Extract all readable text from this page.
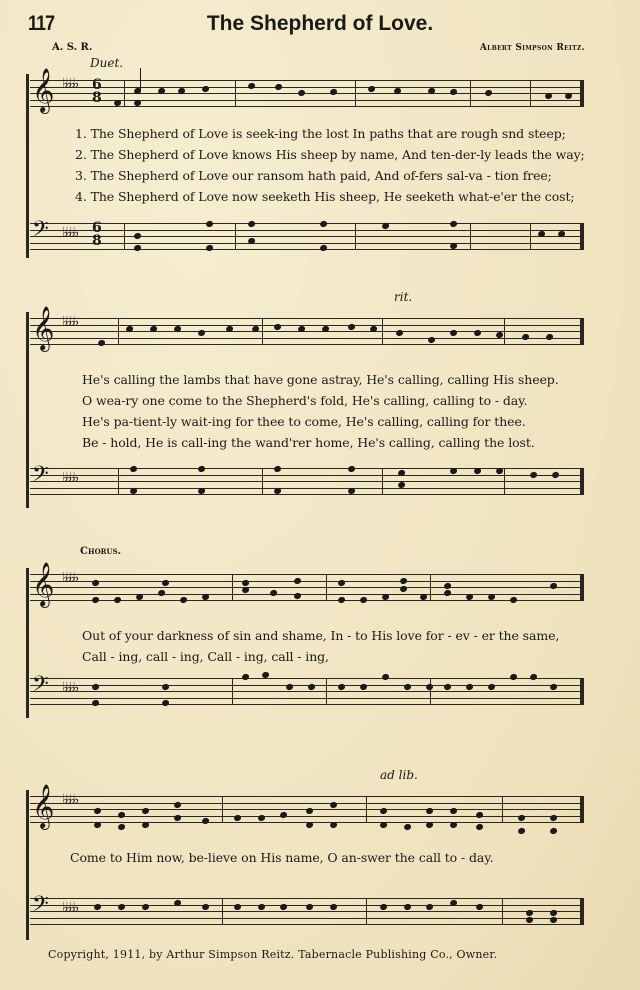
117	The Shepherd of Love.
A. S. R.	Albert Simpson Reitz.
Duet.
𝄞 ♭♭♭♭ 6
8
1. The Shepherd of Love is seek-ing the lost In paths that are rough snd steep;
2. The Shepherd of Love knows His sheep by name, And ten-der-ly leads the way;
3. The Shepherd of Love our ransom hath paid, And of-fers sal-va - tion free;
4. The Shepherd of Love now seeketh His sheep, He seeketh what-e'er the cost;
𝄢 ♭♭♭♭ 6
8
rit.
𝄞 ♭♭♭♭
He's calling the lambs that have gone astray, He's calling, calling His sheep.
O wea-ry one come to the Shepherd's fold, He's calling, calling to - day.
He's pa-tient-ly wait-ing for thee to come, He's calling, calling for thee.
Be - hold, He is call-ing the wand'rer home, He's calling, calling the lost.
𝄢 ♭♭♭♭
Chorus.
𝄞 ♭♭♭♭
Out of your darkness of sin and shame, In - to His love for - ev - er the same,
Call - ing, call - ing, Call - ing, call - ing,
𝄢 ♭♭♭♭
ad lib.
𝄞 ♭♭♭♭
Come to Him now, be-lieve on His name, O an-swer the call to - day.
𝄢 ♭♭♭♭
Copyright, 1911, by Arthur Simpson Reitz. Tabernacle Publishing Co., Owner.
